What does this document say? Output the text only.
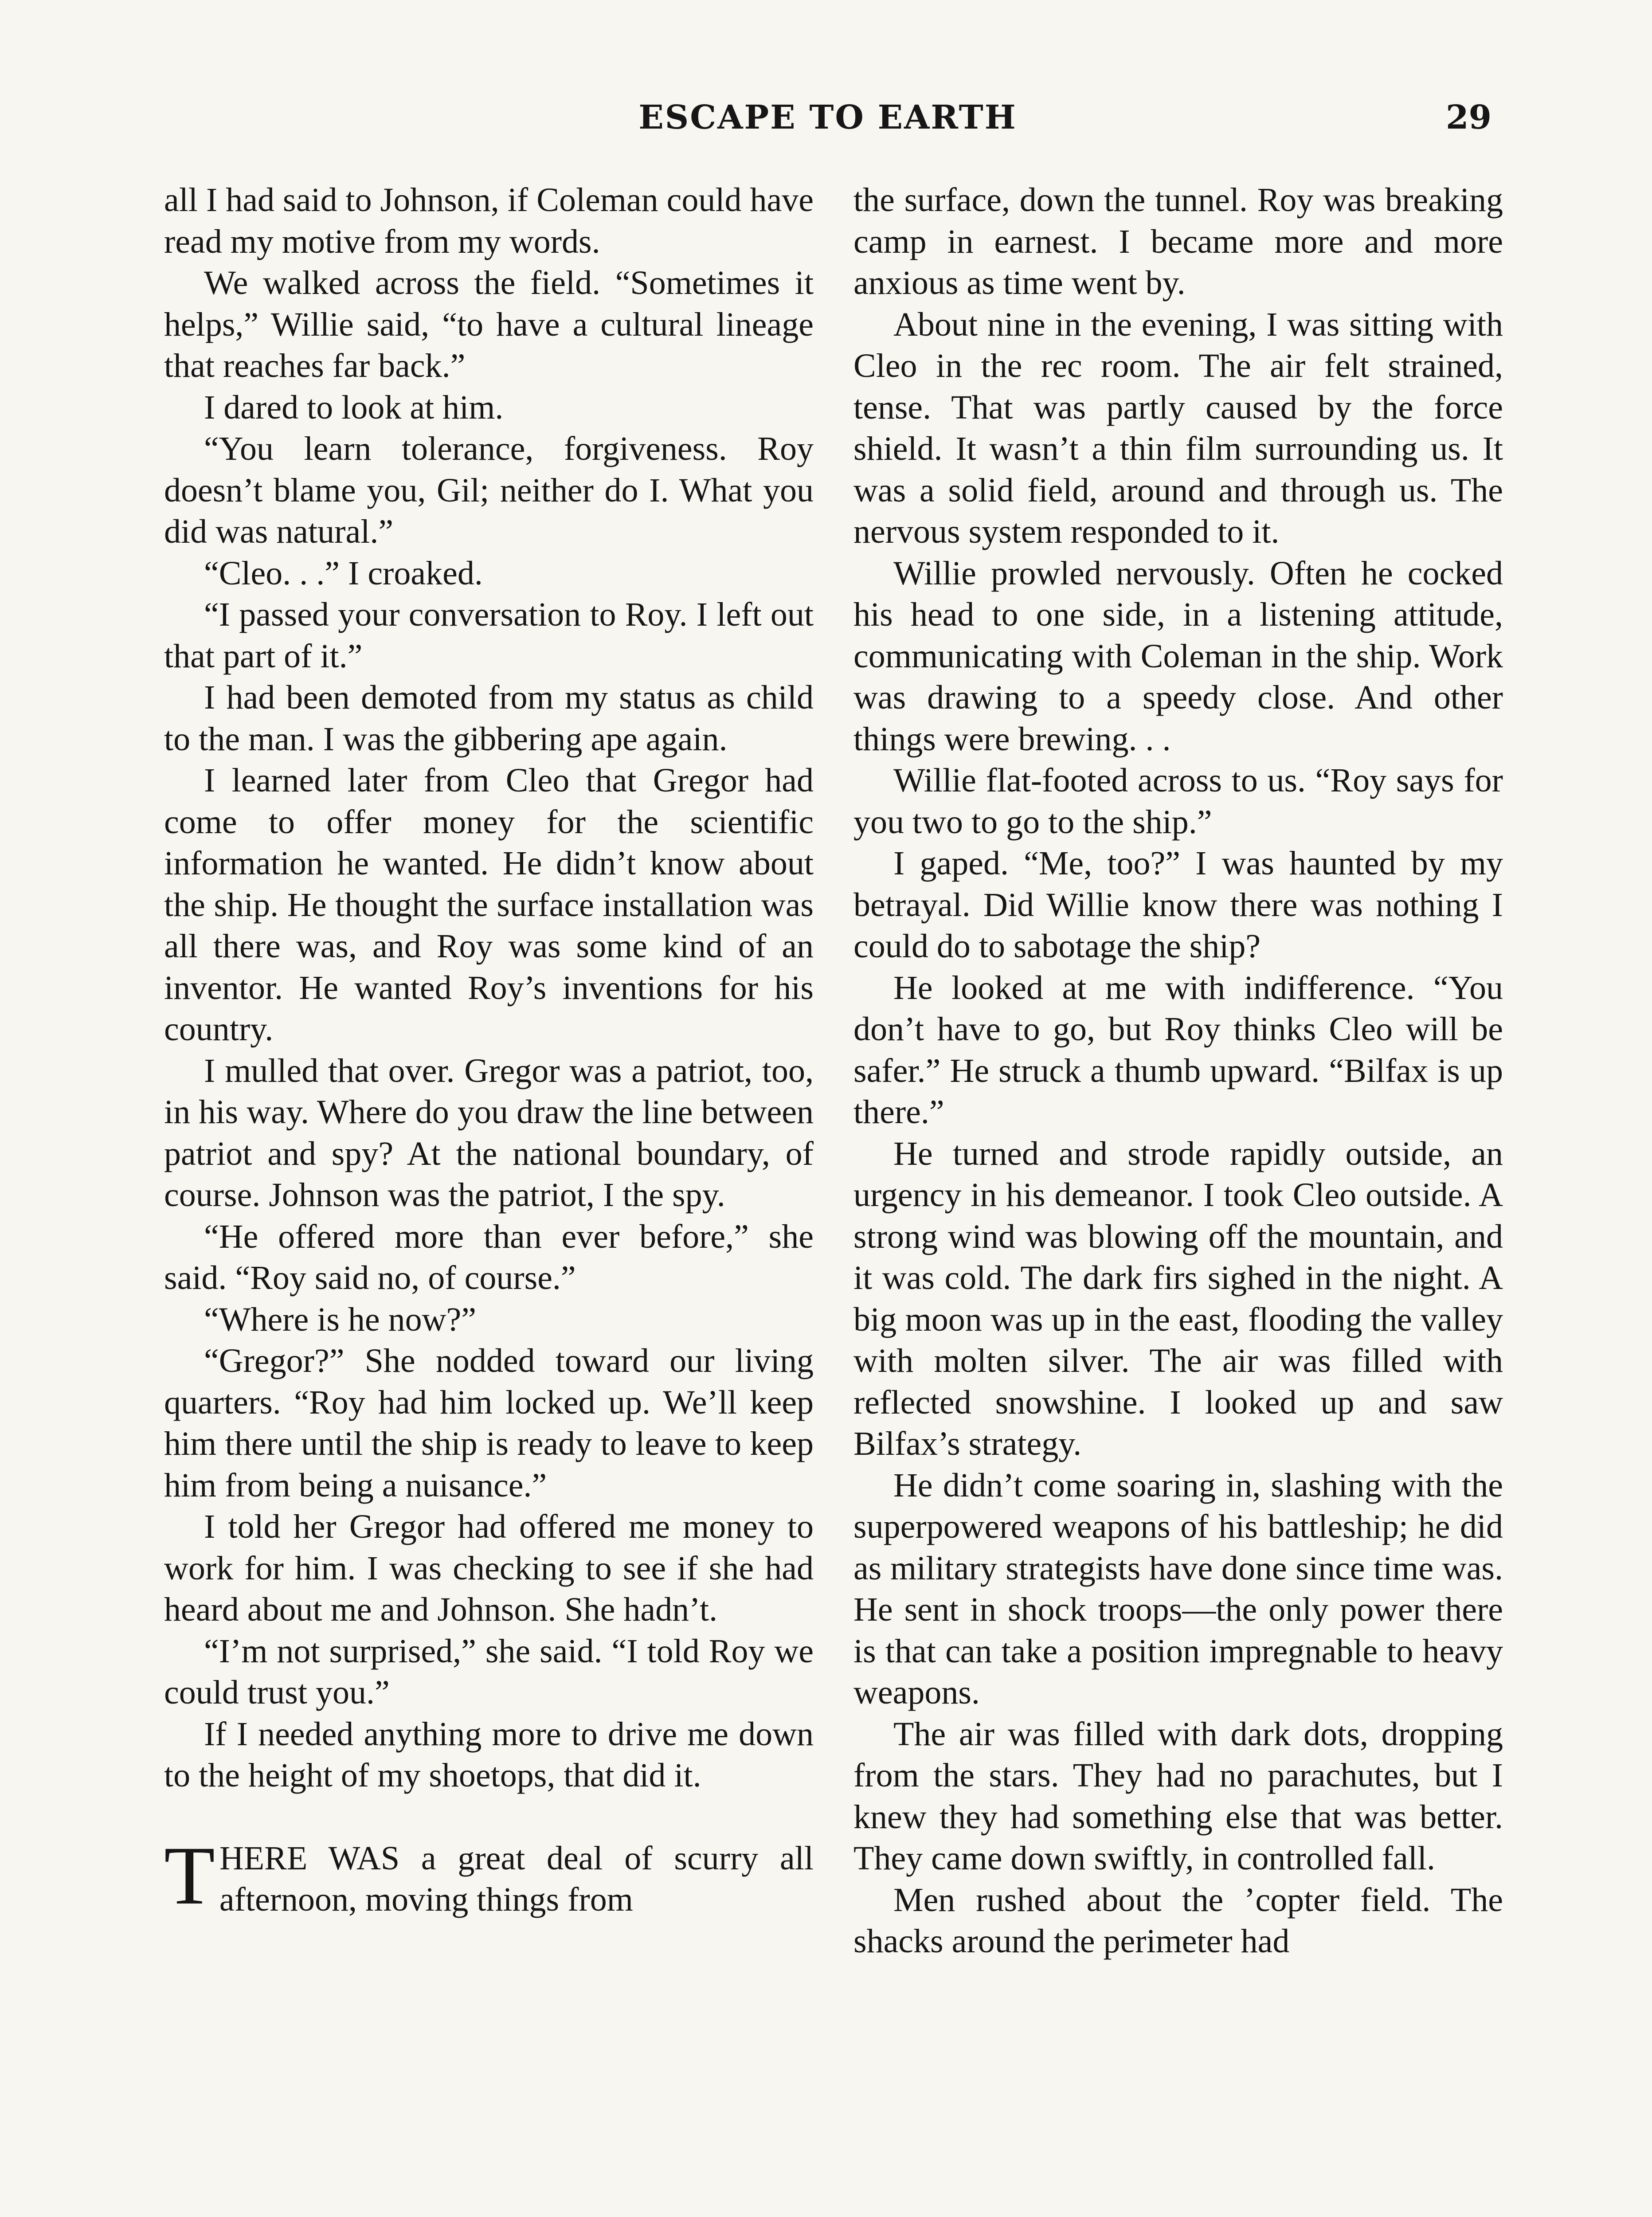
ESCAPE TO EARTH	29

all I had said to Johnson, if Coleman could have read my motive from my words.

We walked across the field. “Sometimes it helps,” Willie said, “to have a cultural lineage that reaches far back.”

I dared to look at him.

“You learn tolerance, forgiveness. Roy doesn’t blame you, Gil; neither do I. What you did was natural.”

“Cleo. . .” I croaked.

“I passed your conversation to Roy. I left out that part of it.”

I had been demoted from my status as child to the man. I was the gibbering ape again.

I learned later from Cleo that Gregor had come to offer money for the scientific information he wanted. He didn’t know about the ship. He thought the surface installation was all there was, and Roy was some kind of an inventor. He wanted Roy’s inventions for his country.

I mulled that over. Gregor was a patriot, too, in his way. Where do you draw the line between patriot and spy? At the national boundary, of course. Johnson was the patriot, I the spy.

“He offered more than ever before,” she said. “Roy said no, of course.”

“Where is he now?”

“Gregor?” She nodded toward our living quarters. “Roy had him locked up. We’ll keep him there until the ship is ready to leave to keep him from being a nuisance.”

I told her Gregor had offered me money to work for him. I was checking to see if she had heard about me and Johnson. She hadn’t.

“I’m not surprised,” she said. “I told Roy we could trust you.”

If I needed anything more to drive me down to the height of my shoetops, that did it.

THERE WAS a great deal of scurry all afternoon, moving things from

the surface, down the tunnel. Roy was breaking camp in earnest. I became more and more anxious as time went by.

About nine in the evening, I was sitting with Cleo in the rec room. The air felt strained, tense. That was partly caused by the force shield. It wasn’t a thin film surrounding us. It was a solid field, around and through us. The nervous system responded to it.

Willie prowled nervously. Often he cocked his head to one side, in a listening attitude, communicating with Coleman in the ship. Work was drawing to a speedy close. And other things were brewing. . .

Willie flat-footed across to us. “Roy says for you two to go to the ship.”

I gaped. “Me, too?” I was haunted by my betrayal. Did Willie know there was nothing I could do to sabotage the ship?

He looked at me with indifference. “You don’t have to go, but Roy thinks Cleo will be safer.” He struck a thumb upward. “Bilfax is up there.”

He turned and strode rapidly outside, an urgency in his demeanor. I took Cleo outside. A strong wind was blowing off the mountain, and it was cold. The dark firs sighed in the night. A big moon was up in the east, flooding the valley with molten silver. The air was filled with reflected snowshine. I looked up and saw Bilfax’s strategy.

He didn’t come soaring in, slashing with the superpowered weapons of his battleship; he did as military strategists have done since time was. He sent in shock troops—the only power there is that can take a position impregnable to heavy weapons.

The air was filled with dark dots, dropping from the stars. They had no parachutes, but I knew they had something else that was better. They came down swiftly, in controlled fall.

Men rushed about the ’copter field. The shacks around the perimeter had
